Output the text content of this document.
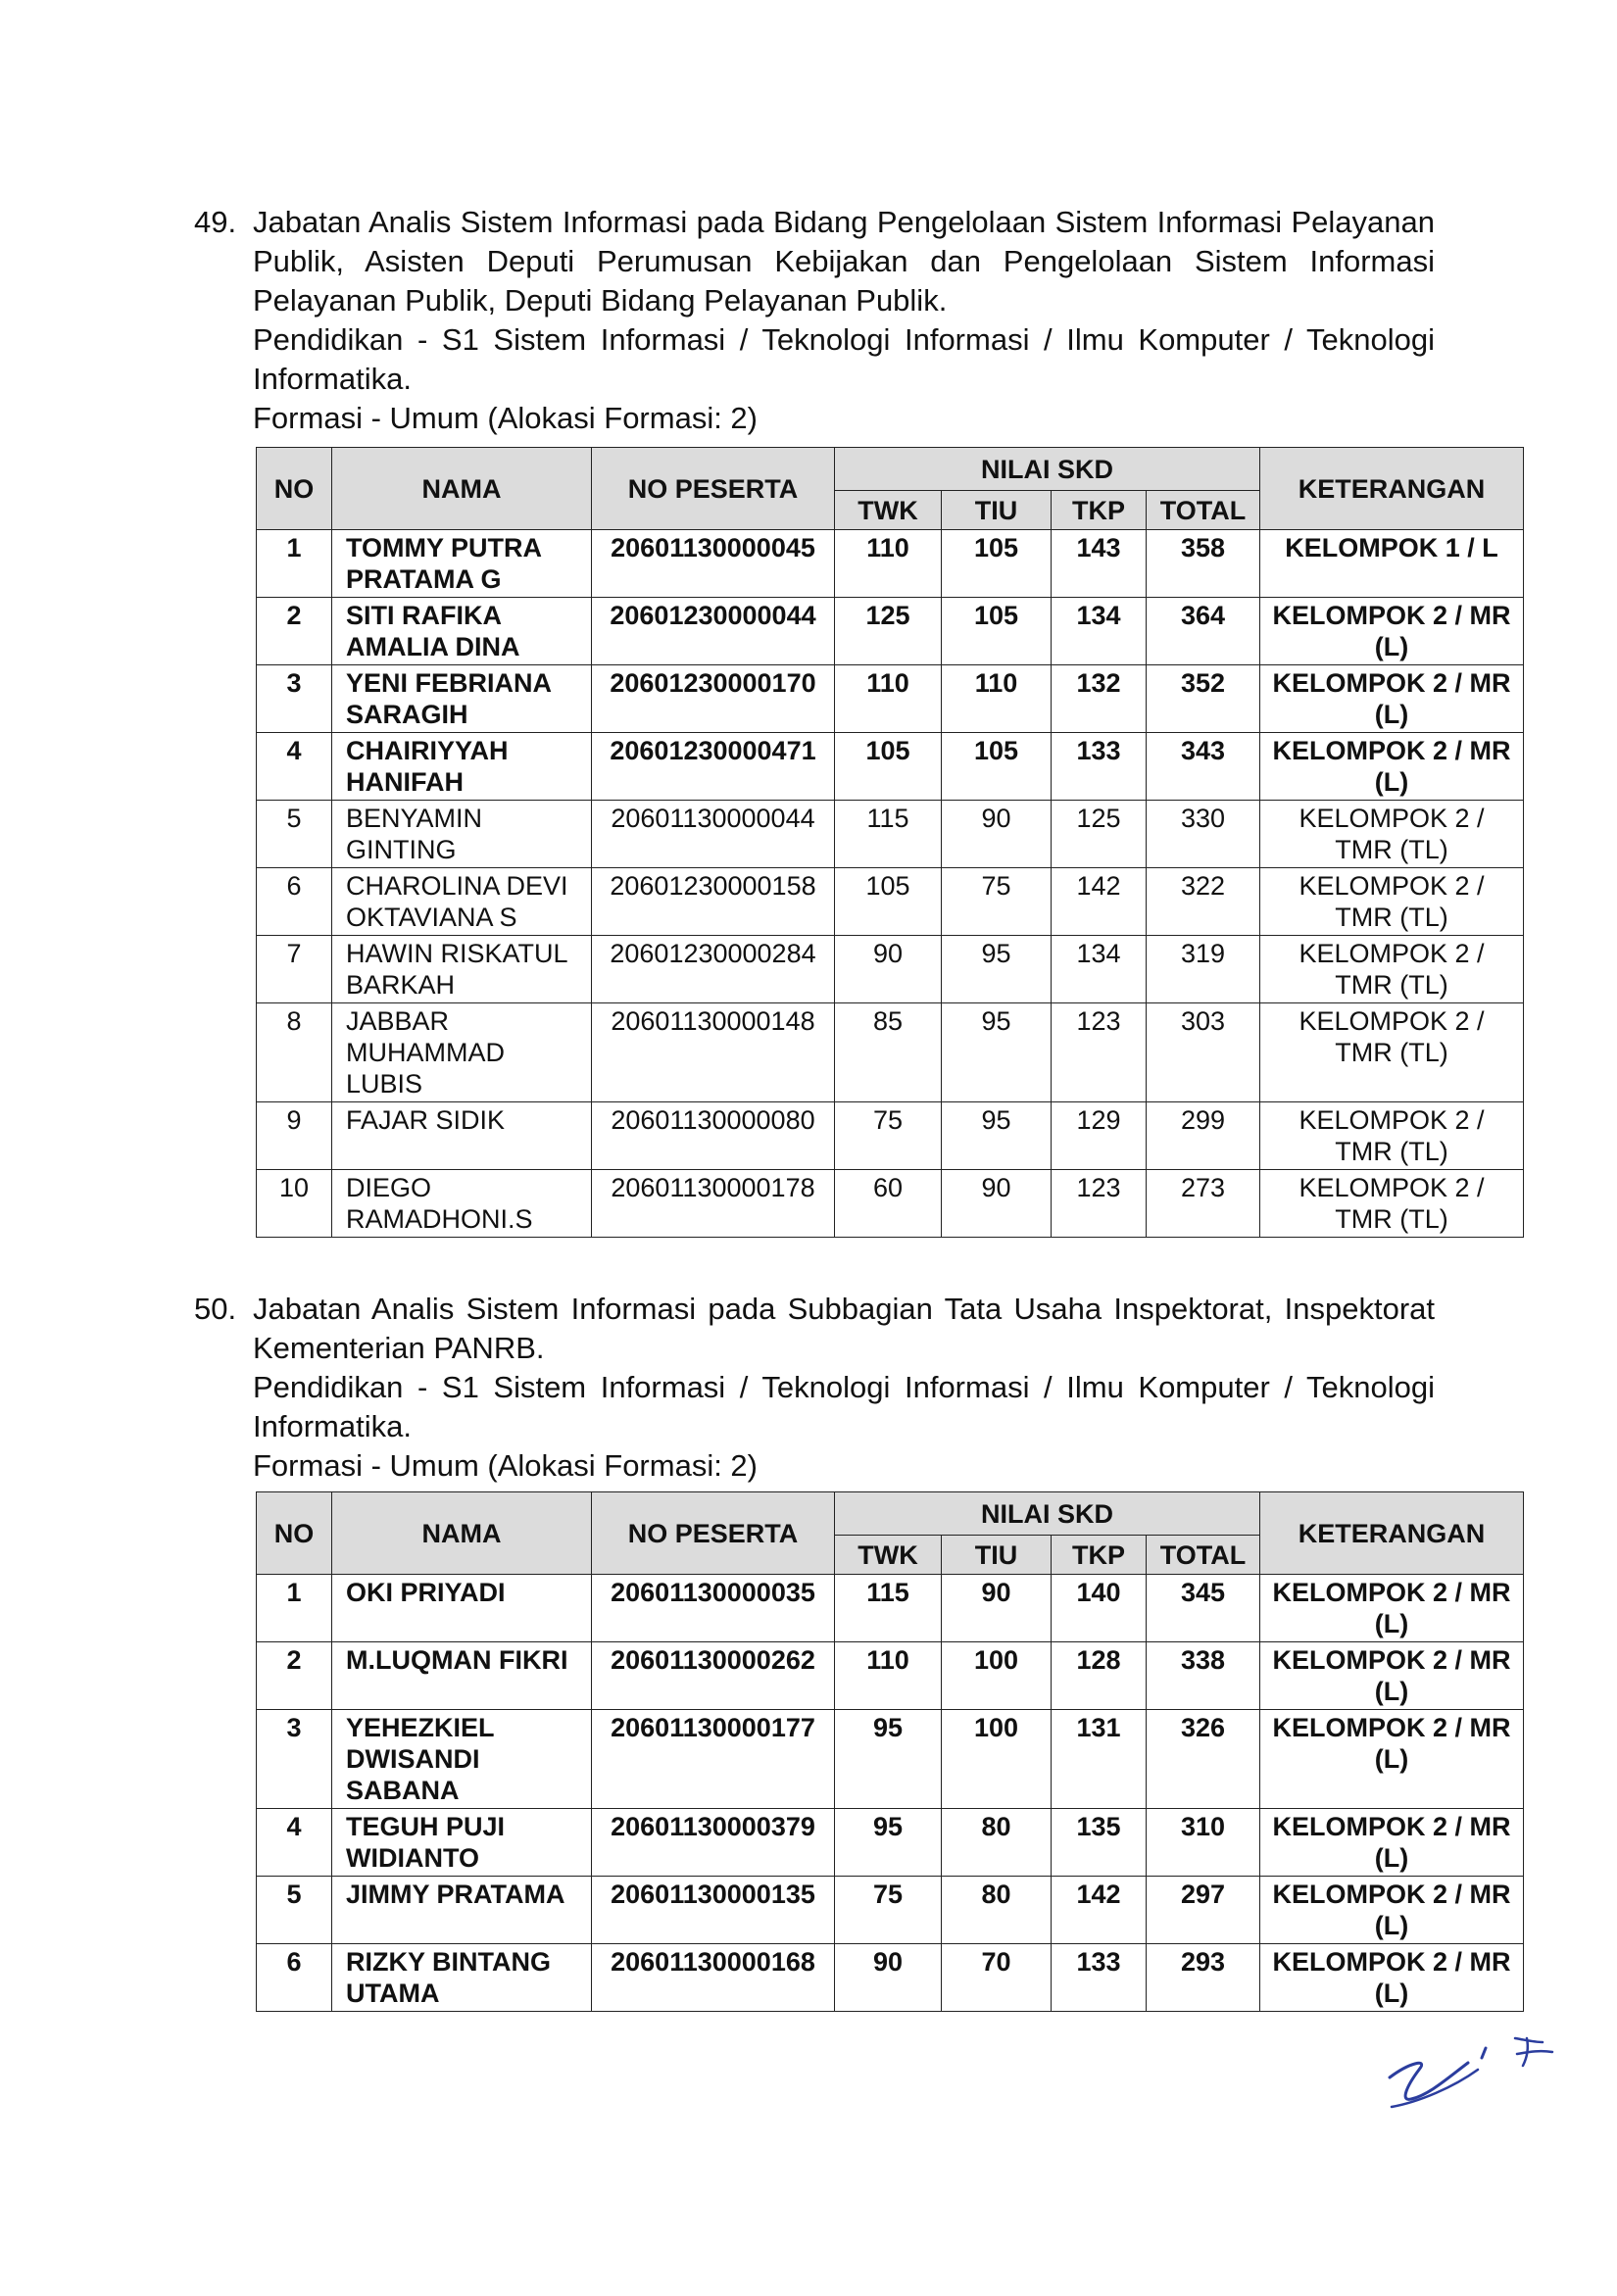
49. Jabatan Analis Sistem Informasi pada Bidang Pengelolaan Sistem Informasi Pelayanan Publik, Asisten Deputi Perumusan Kebijakan dan Pengelolaan Sistem Informasi Pelayanan Publik, Deputi Bidang Pelayanan Publik.

Pendidikan - S1 Sistem Informasi / Teknologi Informasi / Ilmu Komputer / Teknologi Informatika.

Formasi - Umum (Alokasi Formasi: 2)

NO	NAMA	NO PESERTA	NILAI SKD				KETERANGAN
			TWK	TIU	TKP	TOTAL	
1	TOMMY PUTRA PRATAMA G	20601130000045	110	105	143	358	KELOMPOK 1 / L
2	SITI RAFIKA AMALIA DINA	20601230000044	125	105	134	364	KELOMPOK 2 / MR (L)
3	YENI FEBRIANA SARAGIH	20601230000170	110	110	132	352	KELOMPOK 2 / MR (L)
4	CHAIRIYYAH HANIFAH	20601230000471	105	105	133	343	KELOMPOK 2 / MR (L)
5	BENYAMIN GINTING	20601130000044	115	90	125	330	KELOMPOK 2 / TMR (TL)
6	CHAROLINA DEVI OKTAVIANA S	20601230000158	105	75	142	322	KELOMPOK 2 / TMR (TL)
7	HAWIN RISKATUL BARKAH	20601230000284	90	95	134	319	KELOMPOK 2 / TMR (TL)
8	JABBAR MUHAMMAD LUBIS	20601130000148	85	95	123	303	KELOMPOK 2 / TMR (TL)
9	FAJAR SIDIK	20601130000080	75	95	129	299	KELOMPOK 2 / TMR (TL)
10	DIEGO RAMADHONI.S	20601130000178	60	90	123	273	KELOMPOK 2 / TMR (TL)
50. Jabatan Analis Sistem Informasi pada Subbagian Tata Usaha Inspektorat, Inspektorat Kementerian PANRB.

Pendidikan - S1 Sistem Informasi / Teknologi Informasi / Ilmu Komputer / Teknologi Informatika.

Formasi - Umum (Alokasi Formasi: 2)

NO	NAMA	NO PESERTA	NILAI SKD				KETERANGAN
			TWK	TIU	TKP	TOTAL	
1	OKI PRIYADI	20601130000035	115	90	140	345	KELOMPOK 2 / MR (L)
2	M.LUQMAN FIKRI	20601130000262	110	100	128	338	KELOMPOK 2 / MR (L)
3	YEHEZKIEL DWISANDI SABANA	20601130000177	95	100	131	326	KELOMPOK 2 / MR (L)
4	TEGUH PUJI WIDIANTO	20601130000379	95	80	135	310	KELOMPOK 2 / MR (L)
5	JIMMY PRATAMA	20601130000135	75	80	142	297	KELOMPOK 2 / MR (L)
6	RIZKY BINTANG UTAMA	20601130000168	90	70	133	293	KELOMPOK 2 / MR (L)
